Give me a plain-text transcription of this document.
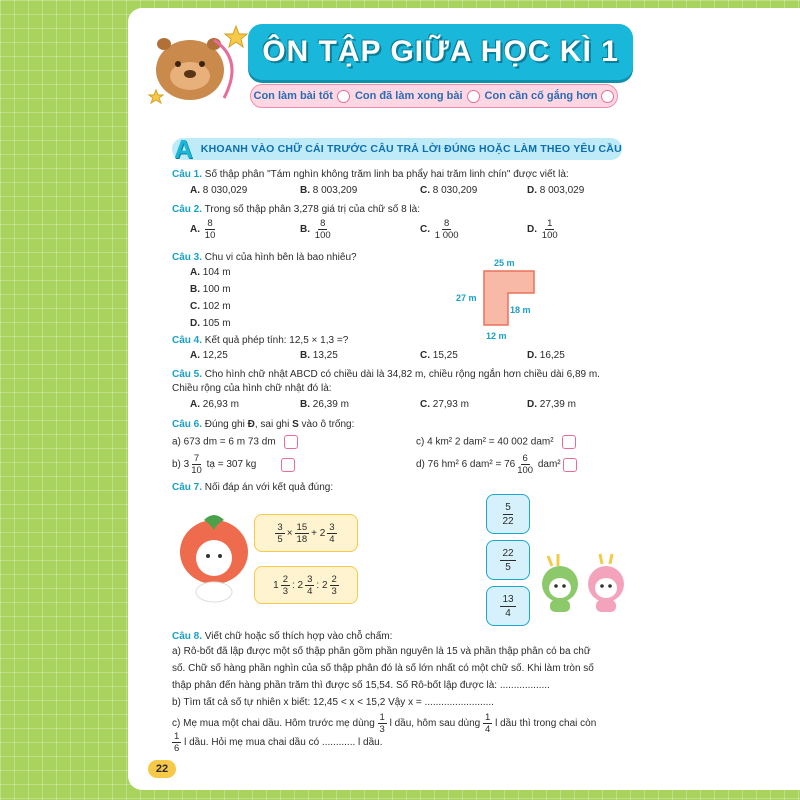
ÔN TẬP GIỮA HỌC KÌ 1
Con làm bài tốt Con đã làm xong bài Con cần cố gắng hơn
A KHOANH VÀO CHỮ CÁI TRƯỚC CÂU TRẢ LỜI ĐÚNG HOẶC LÀM THEO YÊU CẦU
Câu 1. Số thập phân "Tám nghìn không trăm linh ba phẩy hai trăm linh chín" được viết là:
A. 8 030,029	B. 8 003,209	C. 8 030,209	D. 8 003,029
Câu 2. Trong số thập phân 3,278 giá trị của chữ số 8 là:
A. $\frac{8}{10}$	B. $\frac{8}{100}$	C. $\frac{8}{1 000}$	D. $\frac{1}{100}$
Câu 3. Chu vi của hình bên là bao nhiêu?
A. 104 m
B. 100 m
C. 102 m
D. 105 m
25 m
27 m
18 m
12 m
Câu 4. Kết quả phép tính: 12,5 × 1,3 =?
A. 12,25	B. 13,25	C. 15,25	D. 16,25
Câu 5. Cho hình chữ nhật ABCD có chiều dài là 34,82 m, chiều rộng ngắn hơn chiều dài 6,89 m.
Chiều rộng của hình chữ nhật đó là:
A. 26,93 m	B. 26,39 m	C. 27,93 m	D. 27,39 m
Câu 6. Đúng ghi Đ, sai ghi S vào ô trống:
a) 673 dm = 6 m 73 dm
b) $3 \frac{7}{10}$ tạ = 307 kg
c) 4 km² 2 dam² = 40 002 dam²
d) 76 hm² 6 $dam^2 = 76 \frac{6}{100} dam^2$
Câu 7. Nối đáp án với kết quả đúng:
$\frac{3}{5} \times \frac{15}{18} + 2 \frac{3}{4}$
$1 \frac{2}{3}$ : $2 \frac{3}{4}$ : $2 \frac{2}{3}$
$\frac{5}{22}$
$\frac{22}{5}$
$\frac{13}{4}$
Câu 8. Viết chữ hoặc số thích hợp vào chỗ chấm:
a) Rô-bốt đã lập được một số thập phân gồm phần nguyên là 15 và phần thập phân có ba chữ
số. Chữ số hàng phần nghìn của số thập phân đó là số lớn nhất có một chữ số. Khi làm tròn số
thập phân đến hàng phần trăm thì được số 15,54. Số Rô-bốt lập được là: ..................
b) Tìm tất cả số tự nhiên x biết: 12,45 < x < 15,2 Vậy x = .........................
c) Mẹ mua một chai dầu. Hôm trước mẹ dùng $\frac{1}{3}$ l dầu, hôm sau dùng $\frac{1}{4}$ l dầu thì trong chai còn
$\frac{1}{6}$ l dầu. Hỏi mẹ mua chai dầu có ............ l dầu.
22
